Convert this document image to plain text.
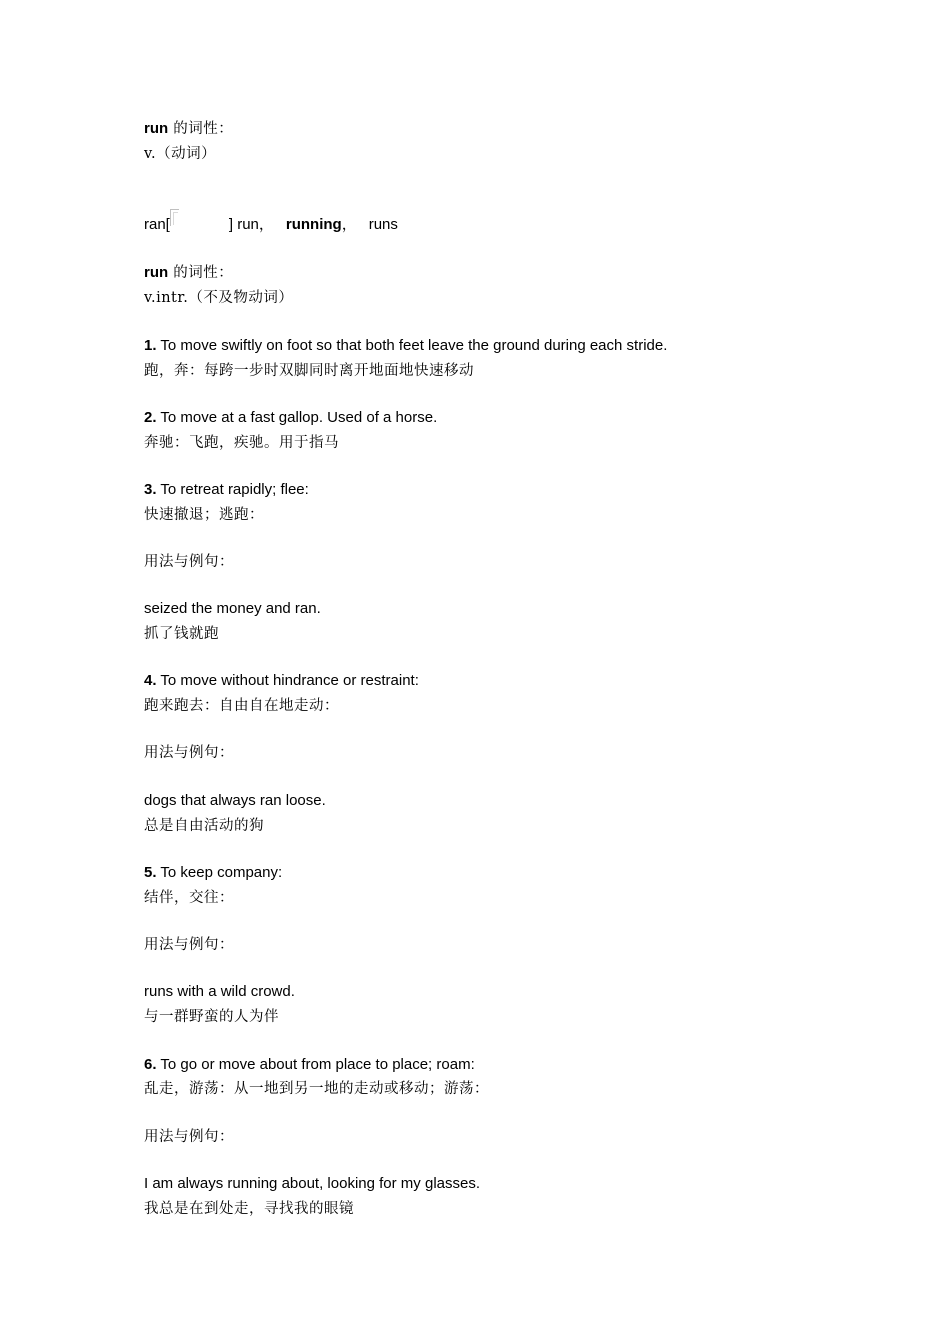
run 的词性：
v.（动词）
ran[	] run， running， runs
run 的词性：
v.intr.（不及物动词）
1. To move swiftly on foot so that both feet leave the ground during each stride.
跑，奔：每跨一步时双脚同时离开地面地快速移动
2. To move at a fast gallop. Used of a horse.
奔驰：飞跑，疾驰。用于指马
3. To retreat rapidly; flee:
快速撤退；逃跑：
用法与例句：
seized the money and ran.
抓了钱就跑
4. To move without hindrance or restraint:
跑来跑去：自由自在地走动：
用法与例句：
dogs that always ran loose.
总是自由活动的狗
5. To keep company:
结伴，交往：
用法与例句：
runs with a wild crowd.
与一群野蛮的人为伴
6. To go or move about from place to place; roam:
乱走，游荡：从一地到另一地的走动或移动；游荡：
用法与例句：
I am always running about, looking for my glasses.
我总是在到处走，寻找我的眼镜
